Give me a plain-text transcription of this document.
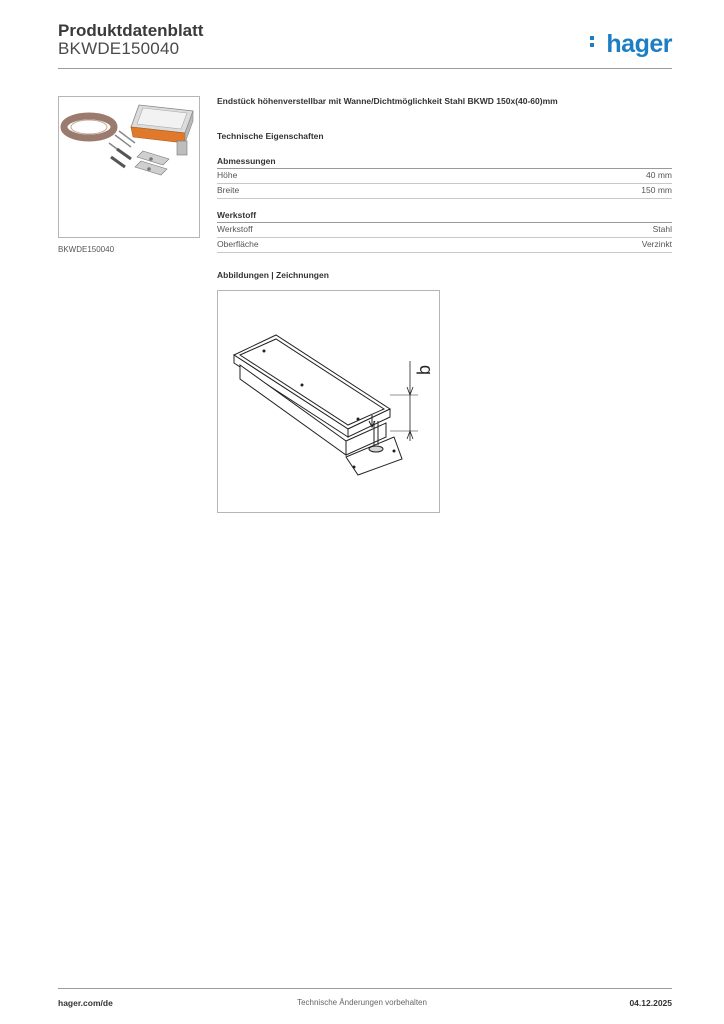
Produktdatenblatt
BKWDE150040	hager
BKWDE150040
Endstück höhenverstellbar mit Wanne/Dichtmöglichkeit Stahl BKWD 150x(40-60)mm
Technische Eigenschaften
Abmessungen
Höhe	40 mm
Breite	150 mm
Werkstoff
Werkstoff	Stahl
Oberfläche	Verzinkt
Abbildungen | Zeichnungen
b
hager.com/de	Technische Änderungen vorbehalten	04.12.2025
